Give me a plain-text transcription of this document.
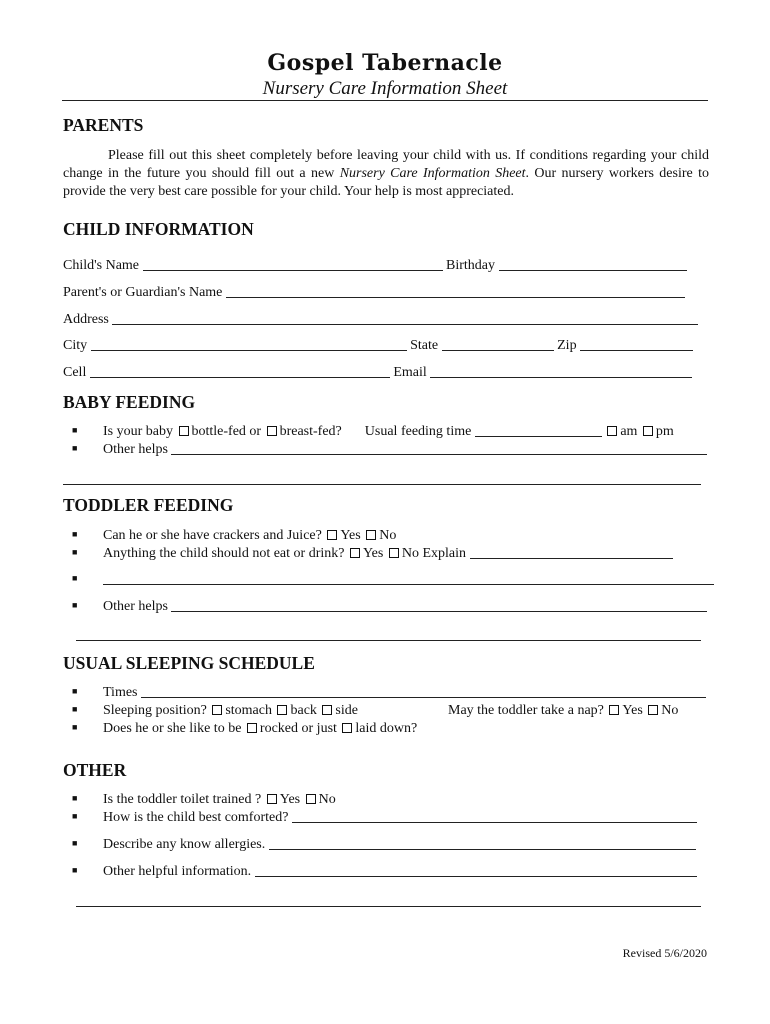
Gospel Tabernacle
Nursery Care Information Sheet
PARENTS
Please fill out this sheet completely before leaving your child with us. If conditions regarding your child change in the future you should fill out a new Nursery Care Information Sheet. Our nursery workers desire to provide the very best care possible for your child. Your help is most appreciated.
CHILD INFORMATION
Child's Name	Birthday
Parent's or Guardian's Name
Address
City	State	Zip
Cell	Email
BABY FEEDING
■ Is your baby bottle-fed or breast-fed? Usual feeding time	am pm
■ Other helps
TODDLER FEEDING
■ Can he or she have crackers and Juice? Yes No
■ Anything the child should not eat or drink? Yes No Explain
■
■ Other helps
USUAL SLEEPING SCHEDULE
■ Times
■ Sleeping position? stomach back side	May the toddler take a nap? Yes No
■ Does he or she like to be rocked or just laid down?
OTHER
■ Is the toddler toilet trained ? Yes No
■ How is the child best comforted?
■ Describe any know allergies.
■ Other helpful information.
Revised 5/6/2020
